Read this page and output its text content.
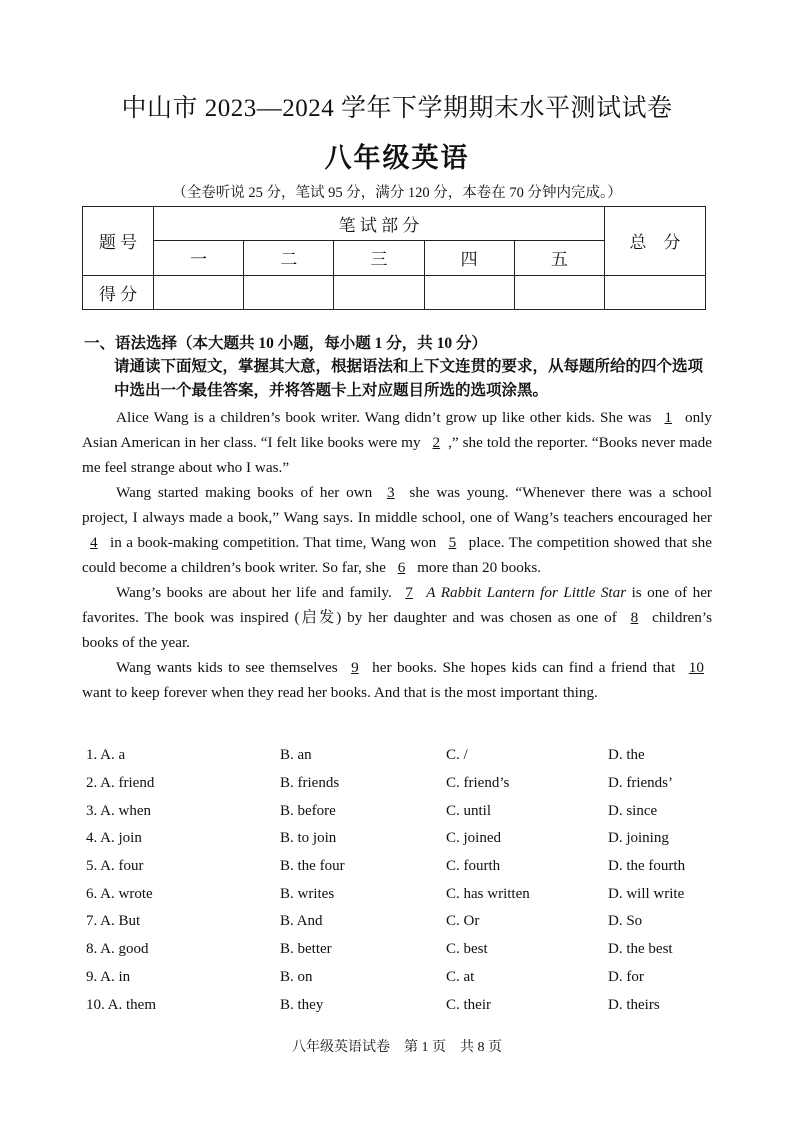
中山市 2023—2024 学年下学期期末水平测试试卷
八年级英语
（全卷听说 25 分，笔试 95 分，满分 120 分，本卷在 70 分钟内完成。）
题 号	笔 试 部 分					总　分
	一	二	三	四	五	
得 分						
一、语法选择（本大题共 10 小题，每小题 1 分，共 10 分）
请通读下面短文，掌握其大意，根据语法和上下文连贯的要求，从每题所给的四个选项中选出一个最佳答案，并将答题卡上对应题目所选的选项涂黑。

Alice Wang is a children’s book writer. Wang didn’t grow up like other kids. She was 1 only Asian American in her class. “I felt like books were my 2 ,” she told the reporter. “Books never made me feel strange about who I was.”

Wang started making books of her own 3 she was young. “Whenever there was a school project, I always made a book,” Wang says. In middle school, one of Wang’s teachers encouraged her 4 in a book-making competition. That time, Wang won 5 place. The competition showed that she could become a children’s book writer. So far, she 6 more than 20 books.

Wang’s books are about her life and family. 7 A Rabbit Lantern for Little Star is one of her favorites. The book was inspired (启发) by her daughter and was chosen as one of 8 children’s books of the year.

Wang wants kids to see themselves 9 her books. She hopes kids can find a friend that 10 want to keep forever when they read her books. And that is the most important thing.

1. A. a	B. an	C. /	D. the
2. A. friend	B. friends	C. friend’s	D. friends’
3. A. when	B. before	C. until	D. since
4. A. join	B. to join	C. joined	D. joining
5. A. four	B. the four	C. fourth	D. the fourth
6. A. wrote	B. writes	C. has written	D. will write
7. A. But	B. And	C. Or	D. So
8. A. good	B. better	C. best	D. the best
9. A. in	B. on	C. at	D. for
10. A. them	B. they	C. their	D. theirs
八年级英语试卷　第 1 页　共 8 页
